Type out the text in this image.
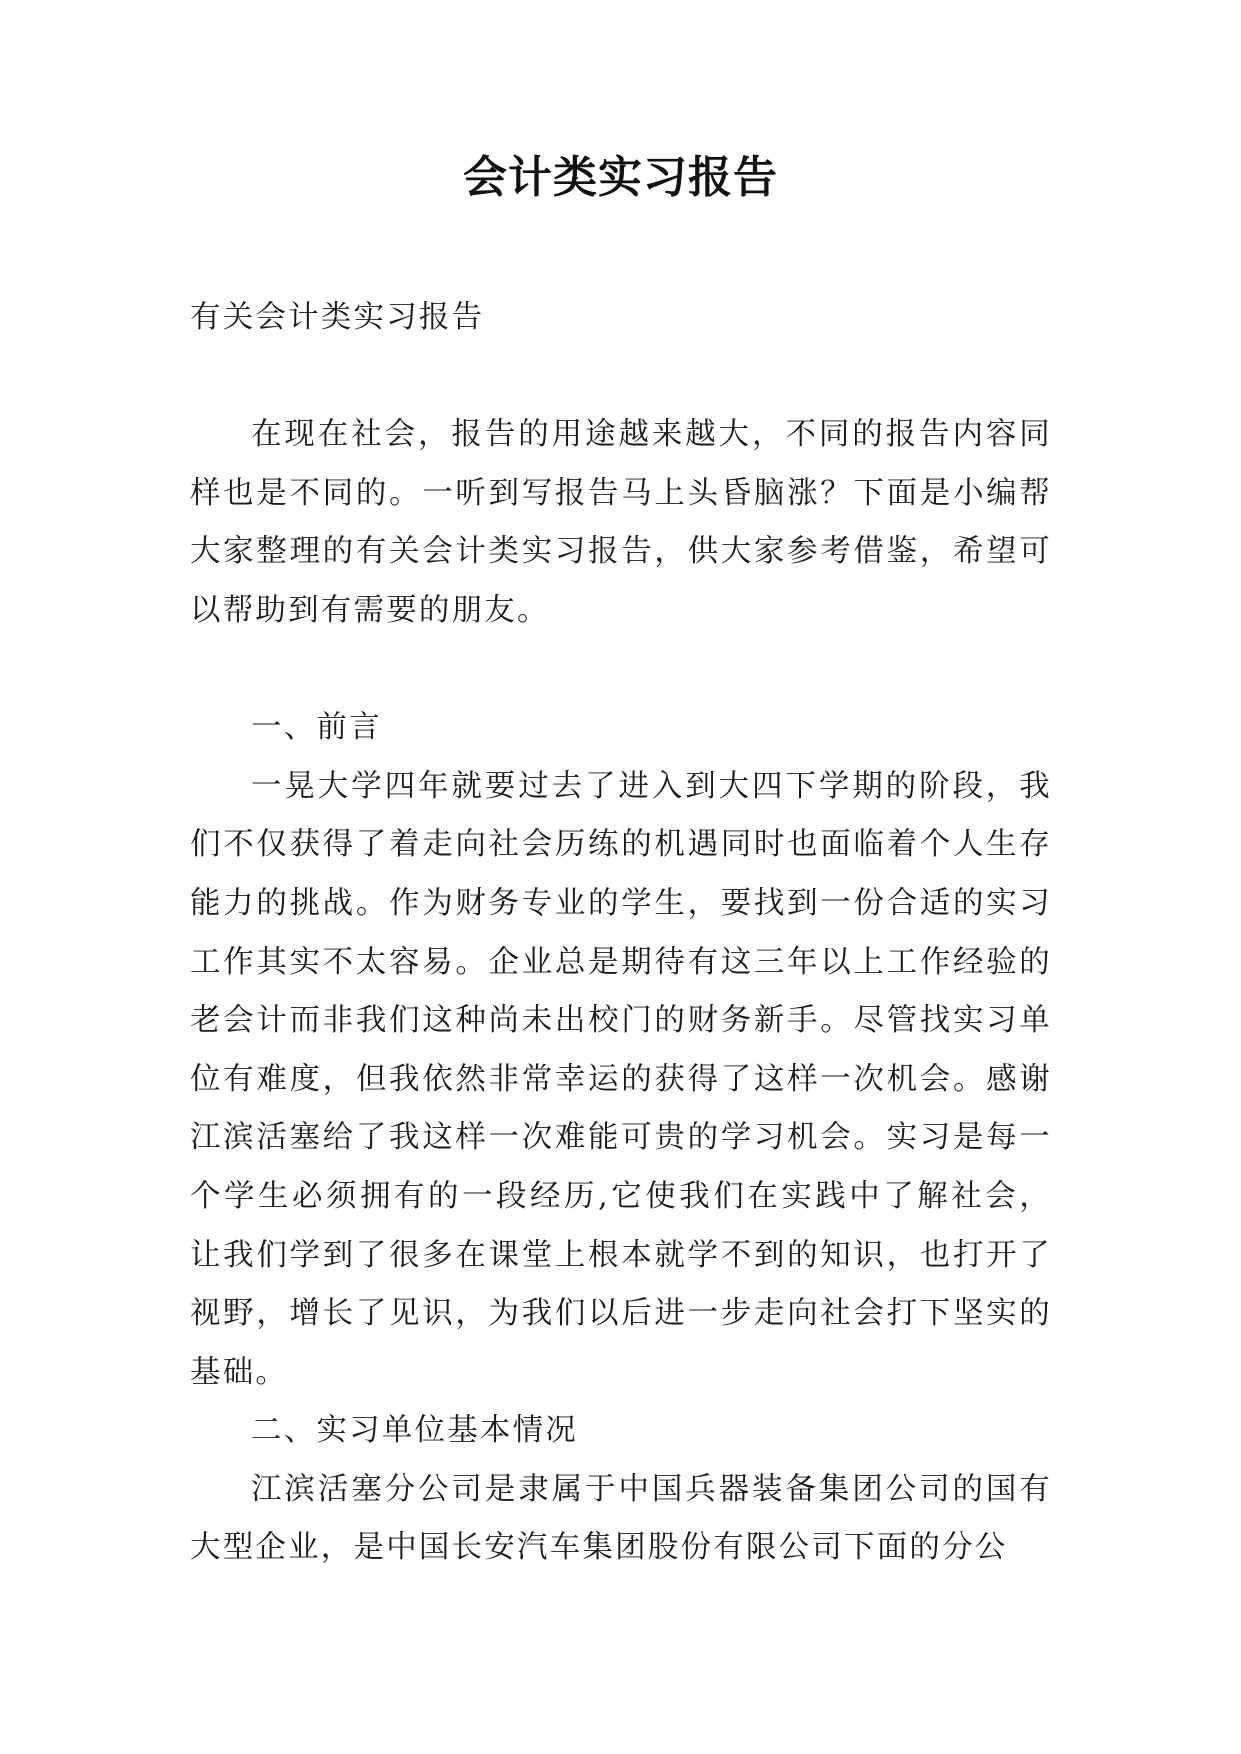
会计类实习报告

有关会计类实习报告

在现在社会，报告的用途越来越大，不同的报告内容同样也是不同的。一听到写报告马上头昏脑涨？下面是小编帮大家整理的有关会计类实习报告，供大家参考借鉴，希望可以帮助到有需要的朋友。

一、前言

一晃大学四年就要过去了进入到大四下学期的阶段，我们不仅获得了着走向社会历练的机遇同时也面临着个人生存能力的挑战。作为财务专业的学生，要找到一份合适的实习工作其实不太容易。企业总是期待有这三年以上工作经验的老会计而非我们这种尚未出校门的财务新手。尽管找实习单位有难度，但我依然非常幸运的获得了这样一次机会。感谢江滨活塞给了我这样一次难能可贵的学习机会。实习是每一个学生必须拥有的一段经历,它使我们在实践中了解社会，让我们学到了很多在课堂上根本就学不到的知识，也打开了视野，增长了见识，为我们以后进一步走向社会打下坚实的基础。

二、实习单位基本情况

江滨活塞分公司是隶属于中国兵器装备集团公司的国有大型企业，是中国长安汽车集团股份有限公司下面的分公
